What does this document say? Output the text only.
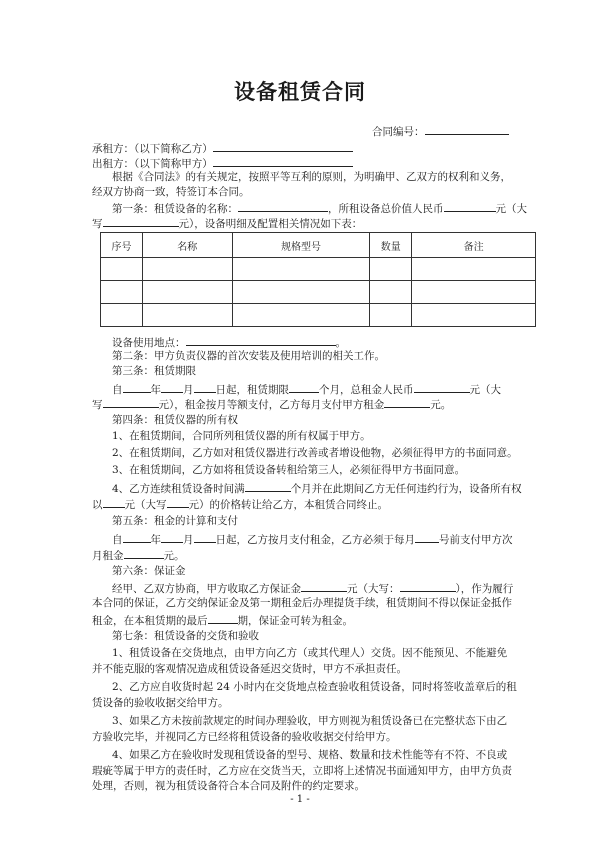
设备租赁合同
合同编号：
承租方：（以下简称乙方）
出租方：（以下简称甲方）
根据《合同法》的有关规定，按照平等互利的原则，为明确甲、乙双方的权利和义务，
经双方协商一致，特签订本合同。
第一条：租赁设备的名称：	，所租设备总价值人民币	元（大
写	元），设备明细及配置相关情况如下表：
序号	名称	规格型号	数量	备注

设备使用地点：	。
第二条：甲方负责仪器的首次安装及使用培训的相关工作。
第三条：租赁期限
自	年 月 日起，租赁期限	个月，总租金人民币	元（大
写	元），租金按月等额支付，乙方每月支付甲方租金	元。
第四条：租赁仪器的所有权
1、在租赁期间，合同所列租赁仪器的所有权属于甲方。
2、在租赁期间，乙方如对租赁仪器进行改善或者增设他物，必须征得甲方的书面同意。
3、在租赁期间，乙方如将租赁设备转租给第三人，必须征得甲方书面同意。
4、乙方连续租赁设备时间满	个月并在此期间乙方无任何违约行为，设备所有权
以 元（大写 元）的价格转让给乙方，本租赁合同终止。
第五条：租金的计算和支付
自	年 月 日起，乙方按月支付租金，乙方必须于每月 号前支付甲方次
月租金	元。
第六条：保证金
经甲、乙双方协商，甲方收取乙方保证金	元（大写：	），作为履行
本合同的保证，乙方交纳保证金及第一期租金后办理提货手续，租赁期间不得以保证金抵作
租金，在本租赁期的最后	期，保证金可转为租金。
第七条：租赁设备的交货和验收
1、租赁设备在交货地点，由甲方向乙方（或其代理人）交货。因不能预见、不能避免
并不能克服的客观情况造成租赁设备延迟交货时，甲方不承担责任。
2、乙方应自收货时起 24 小时内在交货地点检查验收租赁设备，同时将签收盖章后的租
赁设备的验收收据交给甲方。
3、如果乙方未按前款规定的时间办理验收，甲方则视为租赁设备已在完整状态下由乙
方验收完毕，并视同乙方已经将租赁设备的验收收据交付给甲方。
4、如果乙方在验收时发现租赁设备的型号、规格、数量和技术性能等有不符、不良或
瑕疵等属于甲方的责任时，乙方应在交货当天，立即将上述情况书面通知甲方，由甲方负责
处理，否则，视为租赁设备符合本合同及附件的约定要求。
- 1 -
